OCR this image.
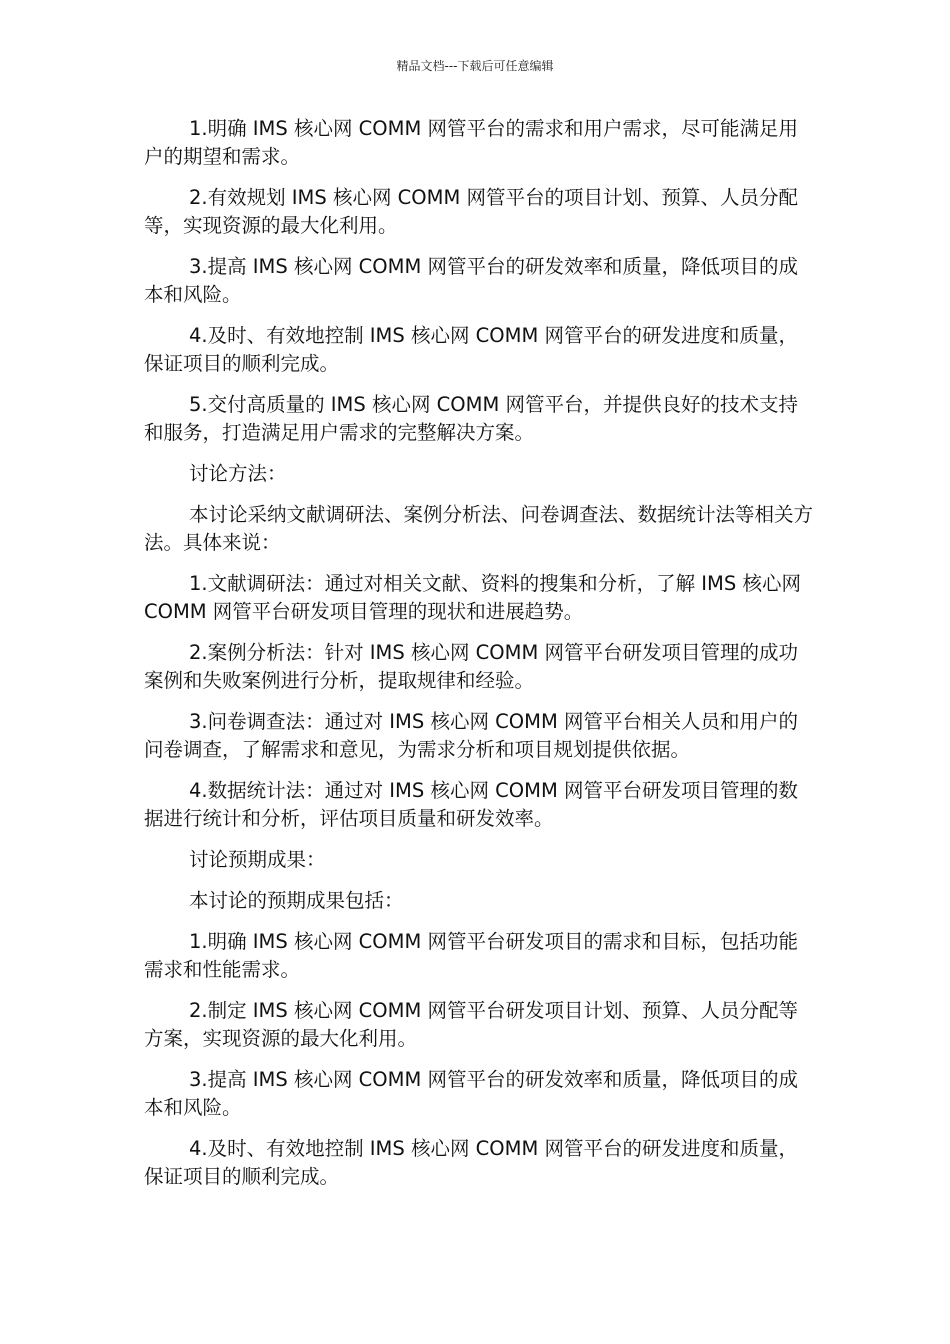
精品文档---下载后可任意编辑

1.明确 IMS 核心网 COMM 网管平台的需求和用户需求，尽可能满足用户的期望和需求。

2.有效规划 IMS 核心网 COMM 网管平台的项目计划、预算、人员分配等，实现资源的最大化利用。

3.提高 IMS 核心网 COMM 网管平台的研发效率和质量，降低项目的成本和风险。

4.及时、有效地控制 IMS 核心网 COMM 网管平台的研发进度和质量，保证项目的顺利完成。

5.交付高质量的 IMS 核心网 COMM 网管平台，并提供良好的技术支持和服务，打造满足用户需求的完整解决方案。

讨论方法：

本讨论采纳文献调研法、案例分析法、问卷调查法、数据统计法等相关方法。具体来说：

1.文献调研法：通过对相关文献、资料的搜集和分析，了解 IMS 核心网 COMM 网管平台研发项目管理的现状和进展趋势。

2.案例分析法：针对 IMS 核心网 COMM 网管平台研发项目管理的成功案例和失败案例进行分析，提取规律和经验。

3.问卷调查法：通过对 IMS 核心网 COMM 网管平台相关人员和用户的问卷调查，了解需求和意见，为需求分析和项目规划提供依据。

4.数据统计法：通过对 IMS 核心网 COMM 网管平台研发项目管理的数据进行统计和分析，评估项目质量和研发效率。

讨论预期成果：

本讨论的预期成果包括：

1.明确 IMS 核心网 COMM 网管平台研发项目的需求和目标，包括功能需求和性能需求。

2.制定 IMS 核心网 COMM 网管平台研发项目计划、预算、人员分配等方案，实现资源的最大化利用。

3.提高 IMS 核心网 COMM 网管平台的研发效率和质量，降低项目的成本和风险。

4.及时、有效地控制 IMS 核心网 COMM 网管平台的研发进度和质量，保证项目的顺利完成。
